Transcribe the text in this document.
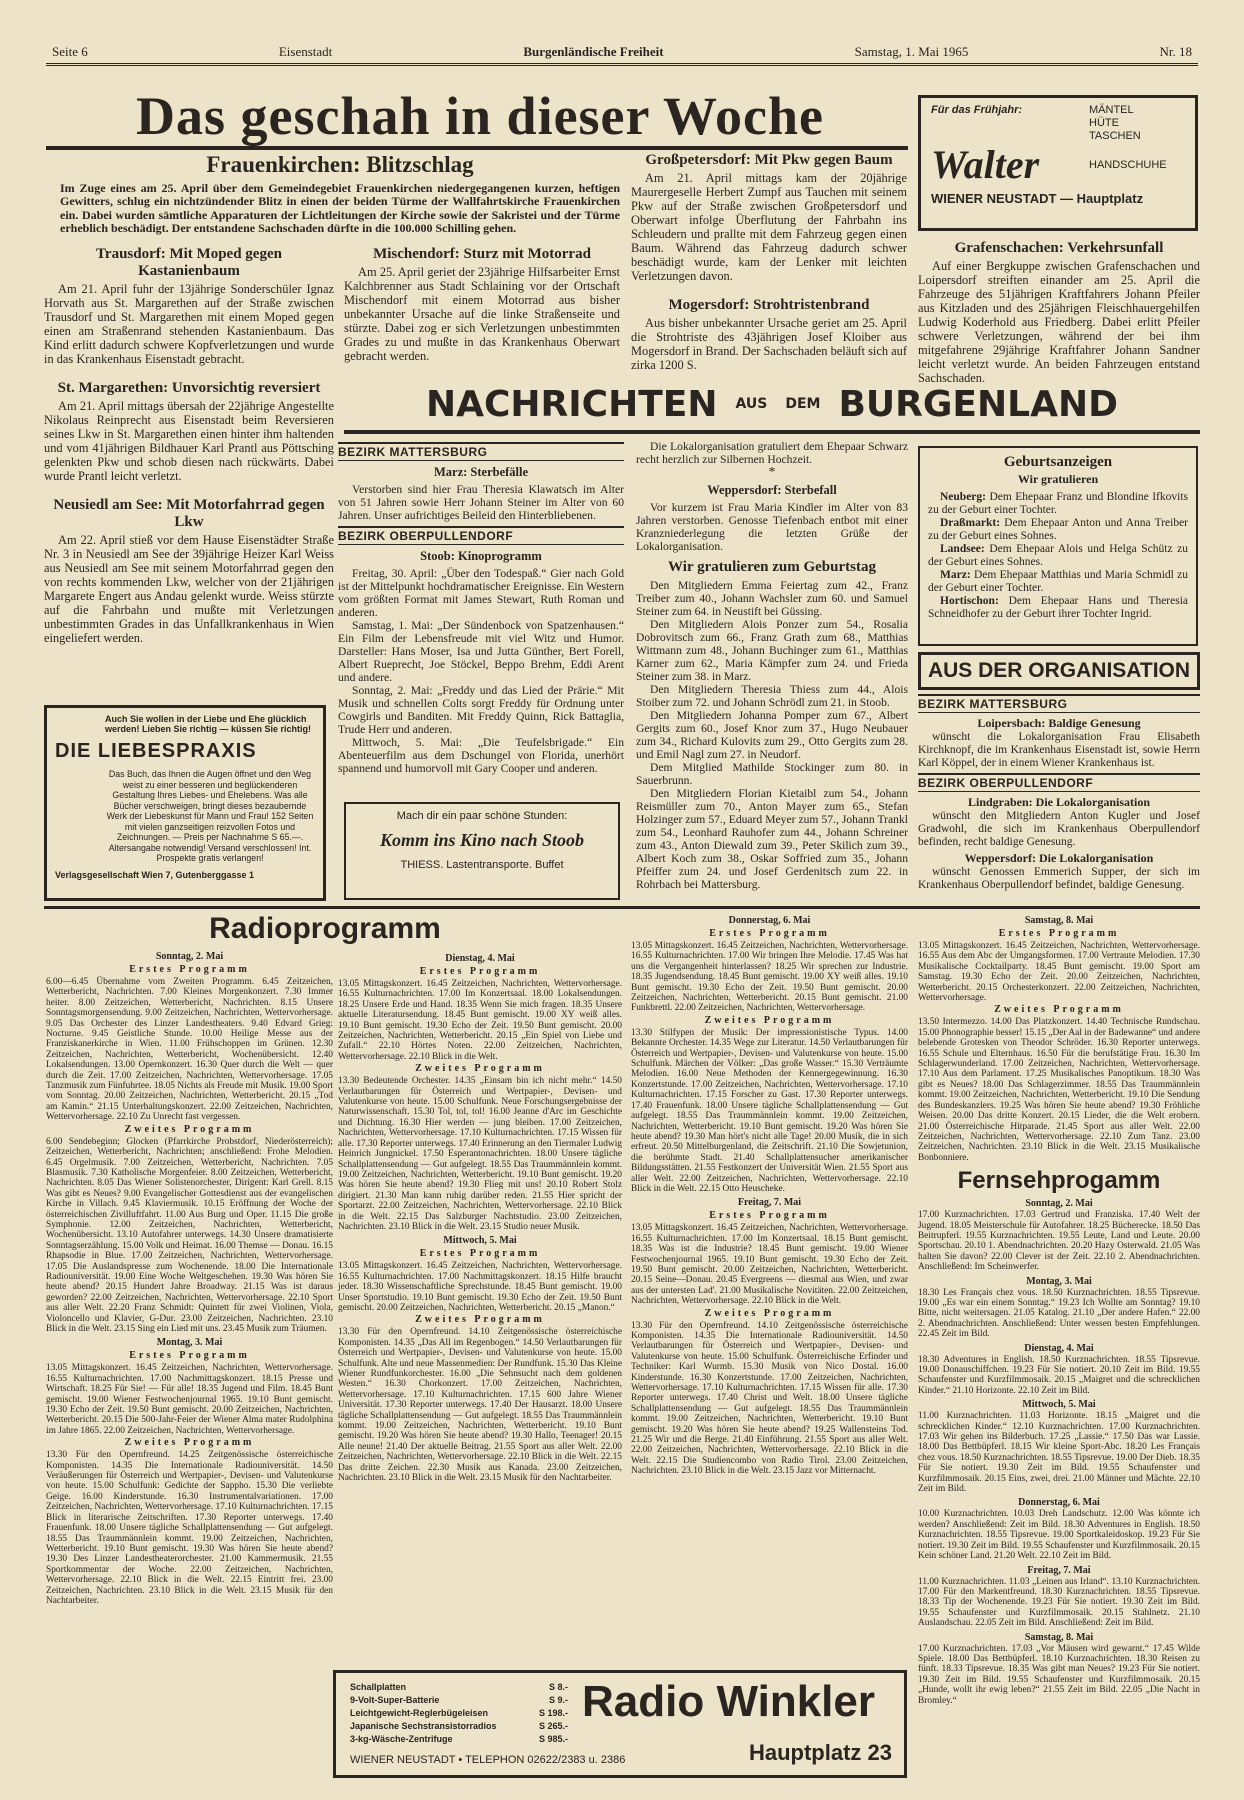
Seite 6	Eisenstadt	Burgenländische Freiheit	Samstag, 1. Mai 1965	Nr. 18
Das geschah in dieser Woche
Frauenkirchen: Blitzschlag
Im Zuge eines am 25. April über dem Gemeindegebiet Frauenkirchen niedergegangenen kurzen, heftigen Gewitters, schlug ein nichtzündender Blitz in einen der beiden Türme der Wallfahrtskirche Frauenkirchen ein. Dabei wurden sämtliche Apparaturen der Lichtleitungen der Kirche sowie der Sakristei und der Türme erheblich beschädigt. Der entstandene Sachschaden dürfte in die 100.000 Schilling gehen.
Trausdorf: Mit Moped gegen Kastanienbaum

Am 21. April fuhr der 13jährige Sonderschüler Ignaz Horvath aus St. Margarethen auf der Straße zwischen Trausdorf und St. Margarethen mit einem Moped gegen einen am Straßenrand stehenden Kastanienbaum. Das Kind erlitt dadurch schwere Kopfverletzungen und wurde in das Krankenhaus Eisenstadt gebracht.

St. Margarethen: Unvorsichtig reversiert

Am 21. April mittags übersah der 22jährige Angestellte Nikolaus Reinprecht aus Eisenstadt beim Reversieren seines Lkw in St. Margarethen einen hinter ihm haltenden und vom 41jährigen Bildhauer Karl Prantl aus Pöttsching gelenkten Pkw und schob diesen nach rückwärts. Dabei wurde Prantl leicht verletzt.

Neusiedl am See: Mit Motorfahrrad gegen Lkw

Am 22. April stieß vor dem Hause Eisenstädter Straße Nr. 3 in Neusiedl am See der 39jährige Heizer Karl Weiss aus Neusiedl am See mit seinem Motorfahrrad gegen den von rechts kommenden Lkw, welcher von der 21jährigen Margarete Engert aus Andau gelenkt wurde. Weiss stürzte auf die Fahrbahn und mußte mit Verletzungen unbestimmten Grades in das Unfallkrankenhaus in Wien eingeliefert werden.

Mischendorf: Sturz mit Motorrad

Am 25. April geriet der 23jährige Hilfsarbeiter Ernst Kalchbrenner aus Stadt Schlaining vor der Ortschaft Mischendorf mit einem Motorrad aus bisher unbekannter Ursache auf die linke Straßenseite und stürzte. Dabei zog er sich Verletzungen unbestimmten Grades zu und mußte in das Krankenhaus Oberwart gebracht werden.

Großpetersdorf: Mit Pkw gegen Baum

Am 21. April mittags kam der 20jährige Maurergeselle Herbert Zumpf aus Tauchen mit seinem Pkw auf der Straße zwischen Großpetersdorf und Oberwart infolge Überflutung der Fahrbahn ins Schleudern und prallte mit dem Fahrzeug gegen einen Baum. Während das Fahrzeug dadurch schwer beschädigt wurde, kam der Lenker mit leichten Verletzungen davon.

Mogersdorf: Strohtristenbrand

Aus bisher unbekannter Ursache geriet am 25. April die Strohtriste des 43jährigen Josef Kloiber aus Mogersdorf in Brand. Der Sachschaden beläuft sich auf zirka 1200 S.

Für das Frühjahr:	MÄNTEL
HÜTE
TASCHEN
Walter	HANDSCHUHE
WIENER NEUSTADT — Hauptplatz
Grafenschachen: Verkehrsunfall

Auf einer Bergkuppe zwischen Grafenschachen und Loipersdorf streiften einander am 25. April die Fahrzeuge des 51jährigen Kraftfahrers Johann Pfeiler aus Kitzladen und des 25jährigen Fleischhauergehilfen Ludwig Koderhold aus Friedberg. Dabei erlitt Pfeiler schwere Verletzungen, während der bei ihm mitgefahrene 29jährige Kraftfahrer Johann Sandner leicht verletzt wurde. An beiden Fahrzeugen entstand Sachschaden.

NACHRICHTEN AUS DEM BURGENLAND
BEZIRK MATTERSBURG
Marz: Sterbefälle

Verstorben sind hier Frau Theresia Klawatsch im Alter von 51 Jahren sowie Herr Johann Steiner im Alter von 60 Jahren. Unser aufrichtiges Beileid den Hinterbliebenen.

BEZIRK OBERPULLENDORF
Stoob: Kinoprogramm

Freitag, 30. April: „Über den Todespaß.“ Gier nach Gold ist der Mittelpunkt hochdramatischer Ereignisse. Ein Western vom größten Format mit James Stewart, Ruth Roman und anderen.

Samstag, 1. Mai: „Der Sündenbock von Spatzenhausen.“ Ein Film der Lebensfreude mit viel Witz und Humor. Darsteller: Hans Moser, Isa und Jutta Günther, Bert Forell, Albert Rueprecht, Joe Stöckel, Beppo Brehm, Eddi Arent und andere.

Sonntag, 2. Mai: „Freddy und das Lied der Prärie.“ Mit Musik und schnellen Colts sorgt Freddy für Ordnung unter Cowgirls und Banditen. Mit Freddy Quinn, Rick Battaglia, Trude Herr und anderen.

Mittwoch, 5. Mai: „Die Teufelsbrigade.“ Ein Abenteuerfilm aus dem Dschungel von Florida, unerhört spannend und humorvoll mit Gary Cooper und anderen.

Mach dir ein paar schöne Stunden:
Komm ins Kino nach Stoob
THIESS. Lastentransporte. Buffet

Die Lokalorganisation gratuliert dem Ehepaar Schwarz recht herzlich zur Silbernen Hochzeit.

*
Weppersdorf: Sterbefall

Vor kurzem ist Frau Maria Kindler im Alter von 83 Jahren verstorben. Genosse Tiefenbach entbot mit einer Kranzniederlegung die letzten Grüße der Lokalorganisation.

Wir gratulieren zum Geburtstag

Den Mitgliedern Emma Feiertag zum 42., Franz Treiber zum 40., Johann Wachsler zum 60. und Samuel Steiner zum 64. in Neustift bei Güssing.

Den Mitgliedern Alois Ponzer zum 54., Rosalia Dobrovitsch zum 66., Franz Grath zum 68., Matthias Wittmann zum 48., Johann Buchinger zum 61., Matthias Karner zum 62., Maria Kämpfer zum 24. und Frieda Steiner zum 38. in Marz.

Den Mitgliedern Theresia Thiess zum 44., Alois Stoiber zum 72. und Johann Schrödl zum 21. in Stoob.

Den Mitgliedern Johanna Pomper zum 67., Albert Gergits zum 60., Josef Knor zum 37., Hugo Neubauer zum 34., Richard Kulovits zum 29., Otto Gergits zum 28. und Emil Nagl zum 27. in Neudorf.

Dem Mitglied Mathilde Stockinger zum 80. in Sauerbrunn.

Den Mitgliedern Florian Kietaibl zum 54., Johann Reismüller zum 70., Anton Mayer zum 65., Stefan Holzinger zum 57., Eduard Meyer zum 57., Johann Trankl zum 54., Leonhard Rauhofer zum 44., Johann Schreiner zum 43., Anton Diewald zum 39., Peter Skilich zum 39., Albert Koch zum 38., Oskar Soffried zum 35., Johann Pfeiffer zum 24. und Josef Gerdenitsch zum 22. in Rohrbach bei Mattersburg.

Geburtsanzeigen
Wir gratulieren

Neuberg: Dem Ehepaar Franz und Blondine Ifkovits zu der Geburt einer Tochter.

Draßmarkt: Dem Ehepaar Anton und Anna Treiber zu der Geburt eines Sohnes.

Landsee: Dem Ehepaar Alois und Helga Schütz zu der Geburt eines Sohnes.

Marz: Dem Ehepaar Matthias und Maria Schmidl zu der Geburt einer Tochter.

Hortischon: Dem Ehepaar Hans und Theresia Schneidhofer zu der Geburt ihrer Tochter Ingrid.

AUS DER ORGANISATION
BEZIRK MATTERSBURG
Loipersbach: Baldige Genesung

wünscht die Lokalorganisation Frau Elisabeth Kirchknopf, die im Krankenhaus Eisenstadt ist, sowie Herrn Karl Köppel, der in einem Wiener Krankenhaus ist.

BEZIRK OBERPULLENDORF
Lindgraben: Die Lokalorganisation

wünscht den Mitgliedern Anton Kugler und Josef Gradwohl, die sich im Krankenhaus Oberpullendorf befinden, recht baldige Genesung.

Weppersdorf: Die Lokalorganisation

wünscht Genossen Emmerich Supper, der sich im Krankenhaus Oberpullendorf befindet, baldige Genesung.

Auch Sie wollen in der Liebe und Ehe glücklich werden! Lieben Sie richtig — küssen Sie richtig!
DIE LIEBESPRAXIS
Das Buch, das Ihnen die Augen öffnet und den Weg weist zu einer besseren und beglückenderen Gestaltung Ihres Liebes- und Ehelebens. Was alle Bücher verschweigen, bringt dieses bezaubernde Werk der Liebeskunst für Mann und Frau! 152 Seiten mit vielen ganzseitigen reizvollen Fotos und Zeichnungen. — Preis per Nachnahme S 65.—. Altersangabe notwendig! Versand verschlossen! Int. Prospekte gratis verlangen!
Verlagsgesellschaft Wien 7, Gutenberggasse 1
Radioprogramm
Sonntag, 2. Mai
Erstes Programm

6.00—6.45 Übernahme vom Zweiten Programm. 6.45 Zeitzeichen, Wetterbericht, Nachrichten. 7.00 Kleines Morgenkonzert. 7.30 Immer heiter. 8.00 Zeitzeichen, Wetterbericht, Nachrichten. 8.15 Unsere Sonntagsmorgensendung. 9.00 Zeitzeichen, Nachrichten, Wettervorhersage. 9.05 Das Orchester des Linzer Landestheaters. 9.40 Edvard Grieg: Nocturne. 9.45 Geistliche Stunde. 10.00 Heilige Messe aus der Franziskanerkirche in Wien. 11.00 Frühschoppen im Grünen. 12.30 Zeitzeichen, Nachrichten, Wetterbericht, Wochenübersicht. 12.40 Lokalsendungen. 13.00 Opernkonzert. 16.30 Quer durch die Welt — quer durch die Zeit. 17.00 Zeitzeichen, Nachrichten, Wettervorhersage. 17.05 Tanzmusik zum Fünfuhrtee. 18.05 Nichts als Freude mit Musik. 19.00 Sport vom Sonntag. 20.00 Zeitzeichen, Nachrichten, Wetterbericht. 20.15 „Tod am Kamin.“ 21.15 Unterhaltungskonzert. 22.00 Zeitzeichen, Nachrichten, Wettervorhersage. 22.10 Zu Unrecht fast vergessen.

Zweites Programm

6.00 Sendebeginn; Glocken (Pfarrkirche Probstdorf, Niederösterreich); Zeitzeichen, Wetterbericht, Nachrichten; anschließend: Frohe Melodien. 6.45 Orgelmusik. 7.00 Zeitzeichen, Wetterbericht, Nachrichten. 7.05 Blasmusik. 7.30 Katholische Morgenfeier. 8.00 Zeitzeichen, Wetterbericht, Nachrichten. 8.05 Das Wiener Solistenorchester, Dirigent: Karl Grell. 8.15 Was gibt es Neues? 9.00 Evangelischer Gottesdienst aus der evangelischen Kirche in Villach. 9.45 Klaviermusik. 10.15 Eröffnung der Woche der österreichischen Zivilluftfahrt. 11.00 Aus Burg und Oper. 11.15 Die große Symphonie. 12.00 Zeitzeichen, Nachrichten, Wetterbericht, Wochenübersicht. 13.10 Autofahrer unterwegs. 14.30 Unsere dramatisierte Sonntagserzählung. 15.00 Volk und Heimat. 16.00 Themse — Donau. 16.15 Rhapsodie in Blue. 17.00 Zeitzeichen, Nachrichten, Wettervorhersage. 17.05 Die Auslandspresse zum Wochenende. 18.00 Die Internationale Radiouniversität. 19.00 Eine Woche Weltgeschehen. 19.30 Was hören Sie heute abend? 20.15 Hundert Jahre Broadway. 21.15 Was ist daraus geworden? 22.00 Zeitzeichen, Nachrichten, Wettervorhersage. 22.10 Sport aus aller Welt. 22.20 Franz Schmidt: Quintett für zwei Violinen, Viola, Violoncello und Klavier, G-Dur. 23.00 Zeitzeichen, Nachrichten. 23.10 Blick in die Welt. 23.15 Sing ein Lied mit uns. 23.45 Musik zum Träumen.

Montag, 3. Mai
Erstes Programm

13.05 Mittagskonzert. 16.45 Zeitzeichen, Nachrichten, Wettervorhersage. 16.55 Kulturnachrichten. 17.00 Nachmittagskonzert. 18.15 Presse und Wirtschaft. 18.25 Für Sie! — Für alle! 18.35 Jugend und Film. 18.45 Bunt gemischt. 19.00 Wiener Festwochenjournal 1965. 19.10 Bunt gemischt. 19.30 Echo der Zeit. 19.50 Bunt gemischt. 20.00 Zeitzeichen, Nachrichten, Wetterbericht. 20.15 Die 500-Jahr-Feier der Wiener Alma mater Rudolphina im Jahre 1865. 22.00 Zeitzeichen, Nachrichten, Wettervorhersage.

Zweites Programm

13.30 Für den Opernfreund. 14.25 Zeitgenössische österreichische Komponisten. 14.35 Die Internationale Radiouniversität. 14.50 Veräußerungen für Österreich und Wertpapier-, Devisen- und Valutenkurse von heute. 15.00 Schulfunk: Gedichte der Sappho. 15.30 Die verliebte Geige. 16.00 Kinderstunde. 16.30 Instrumentalvariationen. 17.00 Zeitzeichen, Nachrichten, Wettervorhersage. 17.10 Kulturnachrichten. 17.15 Blick in literarische Zeitschriften. 17.30 Reporter unterwegs. 17.40 Frauenfunk. 18.00 Unsere tägliche Schallplattensendung — Gut aufgelegt. 18.55 Das Traummännlein kommt. 19.00 Zeitzeichen, Nachrichten, Wetterbericht. 19.10 Bunt gemischt. 19.30 Was hören Sie heute abend? 19.30 Des Linzer Landestheaterorchester. 21.00 Kammermusik. 21.55 Sportkommentar der Woche. 22.00 Zeitzeichen, Nachrichten, Wettervorhersage. 22.10 Blick in die Welt. 22.15 Eintritt frei. 23.00 Zeitzeichen, Nachrichten. 23.10 Blick in die Welt. 23.15 Musik für den Nachtarbeiter.

Dienstag, 4. Mai
Erstes Programm

13.05 Mittagskonzert. 16.45 Zeitzeichen, Nachrichten, Wettervorhersage. 16.55 Kulturnachrichten. 17.00 Im Konzertsaal. 18.00 Lokalsendungen. 18.25 Unsere Erde und Hand. 18.35 Wenn Sie mich fragen. 18.35 Unsere aktuelle Literatursendung. 18.45 Bunt gemischt. 19.00 XY weiß alles. 19.10 Bunt gemischt. 19.30 Echo der Zeit. 19.50 Bunt gemischt. 20.00 Zeitzeichen, Nachrichten, Wetterbericht. 20.15 „Ein Spiel von Liebe und Zufall.“ 22.10 Hörtes Noten. 22.00 Zeitzeichen, Nachrichten, Wettervorhersage. 22.10 Blick in die Welt.

Zweites Programm

13.30 Bedeutende Orchester. 14.35 „Einsam bin ich nicht mehr.“ 14.50 Verlautbarungen für Österreich und Wertpapier-, Devisen- und Valutenkurse von heute. 15.00 Schulfunk. Neue Forschungsergebnisse der Naturwissenschaft. 15.30 Tol, tol, tol! 16.00 Jeanne d'Arc im Geschichte und Dichtung. 16.30 Hier werden — jung bleiben. 17.00 Zeitzeichen, Nachrichten, Wettervorhersage. 17.10 Kulturnachrichten. 17.15 Wissen für alle. 17.30 Reporter unterwegs. 17.40 Erinnerung an den Tiermaler Ludwig Heinrich Jungnickel. 17.50 Esperantonachrichten. 18.00 Unsere tägliche Schallplattensendung — Gut aufgelegt. 18.55 Das Traummännlein kommt. 19.00 Zeitzeichen, Nachrichten, Wetterbericht. 19.10 Bunt gemischt. 19.20 Was hören Sie heute abend? 19.30 Flieg mit uns! 20.10 Robert Stolz dirigiert. 21.30 Man kann ruhig darüber reden. 21.55 Hier spricht der Sportarzt. 22.00 Zeitzeichen, Nachrichten, Wettervorhersage. 22.10 Blick in die Welt. 22.15 Das Salzburger Nachtstudio. 23.00 Zeitzeichen, Nachrichten. 23.10 Blick in die Welt. 23.15 Studio neuer Musik.

Mittwoch, 5. Mai
Erstes Programm

13.05 Mittagskonzert. 16.45 Zeitzeichen, Nachrichten, Wettervorhersage. 16.55 Kulturnachrichten. 17.00 Nachmittagskonzert. 18.15 Hilfe braucht jeder. 18.30 Wissenschaftliche Sprechstunde. 18.45 Bunt gemischt. 19.00 Unser Sportstudio. 19.10 Bunt gemischt. 19.30 Echo der Zeit. 19.50 Bunt gemischt. 20.00 Zeitzeichen, Nachrichten, Wetterbericht. 20.15 „Manon.“

Zweites Programm

13.30 Für den Opernfreund. 14.10 Zeitgenössische österreichische Komponisten. 14.35 „Das All im Regenbogen.“ 14.50 Verlautbarungen für Österreich und Wertpapier-, Devisen- und Valutenkurse von heute. 15.00 Schulfunk. Alte und neue Massenmedien: Der Rundfunk. 15.30 Das Kleine Wiener Rundfunkorchester. 16.00 „Die Sehnsucht nach dem goldenen Westen.“ 16.30 Chorkonzert. 17.00 Zeitzeichen, Nachrichten, Wettervorhersage. 17.10 Kulturnachrichten. 17.15 600 Jahre Wiener Universität. 17.30 Reporter unterwegs. 17.40 Der Hausarzt. 18.00 Unsere tägliche Schallplattensendung — Gut aufgelegt. 18.55 Das Traummännlein kommt. 19.00 Zeitzeichen, Nachrichten, Wetterbericht. 19.10 Bunt gemischt. 19.20 Was hören Sie heute abend? 19.30 Hallo, Teenager! 20.15 Alle neune! 21.40 Der aktuelle Beitrag. 21.55 Sport aus aller Welt. 22.00 Zeitzeichen, Nachrichten, Wettervorhersage. 22.10 Blick in die Welt. 22.15 Das dritte Zeichen. 22.30 Musik aus Kanada. 23.00 Zeitzeichen, Nachrichten. 23.10 Blick in die Welt. 23.15 Musik für den Nachtarbeiter.

Donnerstag, 6. Mai
Erstes Programm

13.05 Mittagskonzert. 16.45 Zeitzeichen, Nachrichten, Wettervorhersage. 16.55 Kulturnachrichten. 17.00 Wir bringen Ihre Melodie. 17.45 Was hat uns die Vergangenheit hinterlassen? 18.25 Wir sprechen zur Industrie. 18.35 Jugendsendung. 18.45 Bunt gemischt. 19.00 XY weiß alles. 19.10 Bunt gemischt. 19.30 Echo der Zeit. 19.50 Bunt gemischt. 20.00 Zeitzeichen, Nachrichten, Wetterbericht. 20.15 Bunt gemischt. 21.00 Funkbrettl. 22.00 Zeitzeichen, Nachrichten, Wettervorhersage.

Zweites Programm

13.30 Stilfypen der Musik: Der impressionistische Typus. 14.00 Bekannte Orchester. 14.35 Wege zur Literatur. 14.50 Verlautbarungen für Österreich und Wertpapier-, Devisen- und Valutenkurse von heute. 15.00 Schulfunk. Märchen der Völker: „Das große Wasser.“ 15.30 Verträumte Melodien. 16.00 Neue Methoden der Kennergegewinnung. 16.30 Konzertstunde. 17.00 Zeitzeichen, Nachrichten, Wettervorhersage. 17.10 Kulturnachrichten. 17.15 Forscher zu Gast. 17.30 Reporter unterwegs. 17.40 Frauenfunk. 18.00 Unsere tägliche Schallplattensendung — Gut aufgelegt. 18.55 Das Traummännlein kommt. 19.00 Zeitzeichen, Nachrichten, Wetterbericht. 19.10 Bunt gemischt. 19.20 Was hören Sie heute abend? 19.30 Man hört's nicht alle Tage! 20.00 Musik, die in sich erfreut. 20.50 Mittelburgenland, die Zeitschrift. 21.10 Die Sowjetunion, die berühmte Stadt. 21.40 Schallplattensucher amerikanischer Bildungsstätten. 21.55 Festkonzert der Universität Wien. 21.55 Sport aus aller Welt. 22.00 Zeitzeichen, Nachrichten, Wettervorhersage. 22.10 Blick in die Welt. 22.15 Otto Heuscheke.

Freitag, 7. Mai
Erstes Programm

13.05 Mittagskonzert. 16.45 Zeitzeichen, Nachrichten, Wettervorhersage. 16.55 Kulturnachrichten. 17.00 Im Konzertsaal. 18.15 Bunt gemischt. 18.35 Was ist die Industrie? 18.45 Bunt gemischt. 19.00 Wiener Festwochenjournal 1965. 19.10 Bunt gemischt. 19.30 Echo der Zeit. 19.50 Bunt gemischt. 20.00 Zeitzeichen, Nachrichten, Wetterbericht. 20.15 Seine—Donau. 20.45 Evergreens — diesmal aus Wien, und zwar aus der untersten Lad'. 21.00 Musikalische Novitäten. 22.00 Zeitzeichen, Nachrichten, Wettervorhersage. 22.10 Blick in die Welt.

Zweites Programm

13.30 Für den Opernfreund. 14.10 Zeitgenössische österreichische Komponisten. 14.35 Die Internationale Radiouniversität. 14.50 Verlautbarungen für Österreich und Wertpapier-, Devisen- und Valutenkurse von heute. 15.00 Schulfunk. Österreichische Erfinder und Techniker: Karl Wurmb. 15.30 Musik von Nico Dostal. 16.00 Kinderstunde. 16.30 Konzertstunde. 17.00 Zeitzeichen, Nachrichten, Wettervorhersage. 17.10 Kulturnachrichten. 17.15 Wissen für alle. 17.30 Reporter unterwegs. 17.40 Christ und Welt. 18.00 Unsere tägliche Schallplattensendung — Gut aufgelegt. 18.55 Das Traummännlein kommt. 19.00 Zeitzeichen, Nachrichten, Wetterbericht. 19.10 Bunt gemischt. 19.20 Was hören Sie heute abend? 19.25 Wallensteins Tod. 21.25 Wir und die Berge. 21.40 Einführung. 21.55 Sport aus aller Welt. 22.00 Zeitzeichen, Nachrichten, Wettervorhersage. 22.10 Blick in die Welt. 22.15 Die Studiencombo von Radio Tirol. 23.00 Zeitzeichen, Nachrichten. 23.10 Blick in die Welt. 23.15 Jazz vor Mitternacht.

Samstag, 8. Mai
Erstes Programm

13.05 Mittagskonzert. 16.45 Zeitzeichen, Nachrichten, Wettervorhersage. 16.55 Aus dem Abc der Umgangsformen. 17.00 Vertraute Melodien. 17.30 Musikalische Cocktailparty. 18.45 Bunt gemischt. 19.00 Sport am Samstag. 19.30 Echo der Zeit. 20.00 Zeitzeichen, Nachrichten, Wetterbericht. 20.15 Orchesterkonzert. 22.00 Zeitzeichen, Nachrichten, Wettervorhersage.

Zweites Programm

13.50 Intermezzo. 14.00 Das Platzkonzert. 14.40 Technische Rundschau. 15.00 Phonographie besser! 15.15 „Der Aal in der Badewanne“ und andere belebende Grotesken von Theodor Schröder. 16.30 Reporter unterwegs. 16.55 Schule und Elternhaus. 16.50 Für die berufstätige Frau. 16.30 Im Schlagerwunderland. 17.00 Zeitzeichen, Nachrichten, Wettervorhersage. 17.10 Aus dem Parlament. 17.25 Musikalisches Panoptikum. 18.30 Was gibt es Neues? 18.00 Das Schlagerzimmer. 18.55 Das Traummännlein kommt. 19.00 Zeitzeichen, Nachrichten, Wetterbericht. 19.10 Die Sendung des Bundeskanzlers. 19.25 Was hören Sie heute abend? 19.30 Fröhliche Weisen. 20.00 Das dritte Konzert. 20.15 Lieder, die die Welt erobern. 21.00 Österreichische Hitparade. 21.45 Sport aus aller Welt. 22.00 Zeitzeichen, Nachrichten, Wettervorhersage. 22.10 Zum Tanz. 23.00 Zeitzeichen, Nachrichten. 23.10 Blick in die Welt. 23.15 Musikalische Bonbonniere.

Fernsehprogamm
Sonntag, 2. Mai

17.00 Kurznachrichten. 17.03 Gertrud und Franziska. 17.40 Welt der Jugend. 18.05 Meisterschule für Autofahrer. 18.25 Bücherecke. 18.50 Das Beitrupferl. 19.55 Kurznachrichten. 19.55 Leute, Land und Leute. 20.00 Sportschau. 20.10 1. Abendnachrichten. 20.20 Hazy Osterwald. 21.05 Was halten Sie davon? 22.00 Clever ist der Zeit. 22.10 2. Abendnachrichten. Anschließend: Im Scheinwerfer.

Montag, 3. Mai

18.30 Les Français chez vous. 18.50 Kurznachrichten. 18.55 Tipsrevue. 19.00 „Es war ein einem Sonntag.“ 19.23 Ich Wollte am Sonntag? 19.10 Bitte, nicht weitersagen. 21.05 Katalog. 21.10 „Der andere Hafen.“ 22.00 2. Abendnachrichten. Anschließend: Unter wessen besten Empfehlungen. 22.45 Zeit im Bild.

Dienstag, 4. Mai

18.30 Adventures in English. 18.50 Kurznachrichten. 18.55 Tipsrevue. 19.00 Donauschiffchen. 19.23 Für Sie notiert. 20.10 Zeit im Bild. 19.55 Schaufenster und Kurzfilmmosaik. 20.15 „Maigret und die schrecklichen Kinder.“ 21.10 Horizonte. 22.10 Zeit im Bild.

Mittwoch, 5. Mai

11.00 Kurznachrichten. 11.03 Horizonte. 18.15 „Maigret und die schrecklichen Kinder.“ 12.10 Kurznachrichten. 17.00 Kurznachrichten. 17.03 Wir gehen ins Bilderbuch. 17.25 „Lassie.“ 17.50 Das war Lassie. 18.00 Das Bettbüpferl. 18.15 Wir kleine Sport-Abc. 18.20 Les Français chez vous. 18.50 Kurznachrichten. 18.55 Tipsrevue. 19.00 Der Dieb. 18.35 Für Sie notiert. 19.30 Zeit im Bild. 19.55 Schaufenster und Kurzfilmmosaik. 20.15 Eins, zwei, drei. 21.00 Männer und Mächte. 22.10 Zeit im Bild.

Donnerstag, 6. Mai

10.00 Kurznachrichten. 10.03 Dreh Landschutz. 12.00 Was könnte ich werden? Anschließend: Zeit im Bild. 18.30 Adventures in English. 18.50 Kurznachrichten. 18.55 Tipsrevue. 19.00 Sportkaleidoskop. 19.23 Für Sie notiert. 19.30 Zeit im Bild. 19.55 Schaufenster und Kurzfilmmosaik. 20.15 Kein schöner Land. 21.20 Welt. 22.10 Zeit im Bild.

Freitag, 7. Mai

11.00 Kurznachrichten. 11.03 „Leinen aus Irland“. 13.10 Kurznachrichten. 17.00 Für den Markentfreund. 18.30 Kurznachrichten. 18.55 Tipsrevue. 18.33 Tip der Wochenende. 19.23 Für Sie notiert. 19.30 Zeit im Bild. 19.55 Schaufenster und Kurzfilmmosaik. 20.15 Stahlnetz. 21.10 Auslandschau. 22.05 Zeit im Bild. Anschließend: Zeit im Bild.

Samstag, 8. Mai

17.00 Kurznachrichten. 17.03 „Vor Mäusen wird gewarnt.“ 17.45 Wilde Spiele. 18.00 Das Bettbüpferl. 18.10 Kurznachrichten. 18.30 Reisen zu fünft. 18.33 Tipsrevue. 18.35 Was gibt man Neues? 19.23 Für Sie notiert. 19.30 Zeit im Bild. 19.55 Schaufenster und Kurzfilmmosaik. 20.15 „Hunde, wollt ihr ewig leben?“ 21.55 Zeit im Bild. 22.05 „Die Nacht in Bromley.“

Schallplatten	S 8.-
9-Volt-Super-Batterie	S 9.-
Leichtgewicht-Reglerbügeleisen	S 198.-
Japanische Sechstransistorradios	S 265.-
3-kg-Wäsche-Zentrifuge	S 985.-
Radio Winkler
Hauptplatz 23
WIENER NEUSTADT • TELEPHON 02622/2383 u. 2386
